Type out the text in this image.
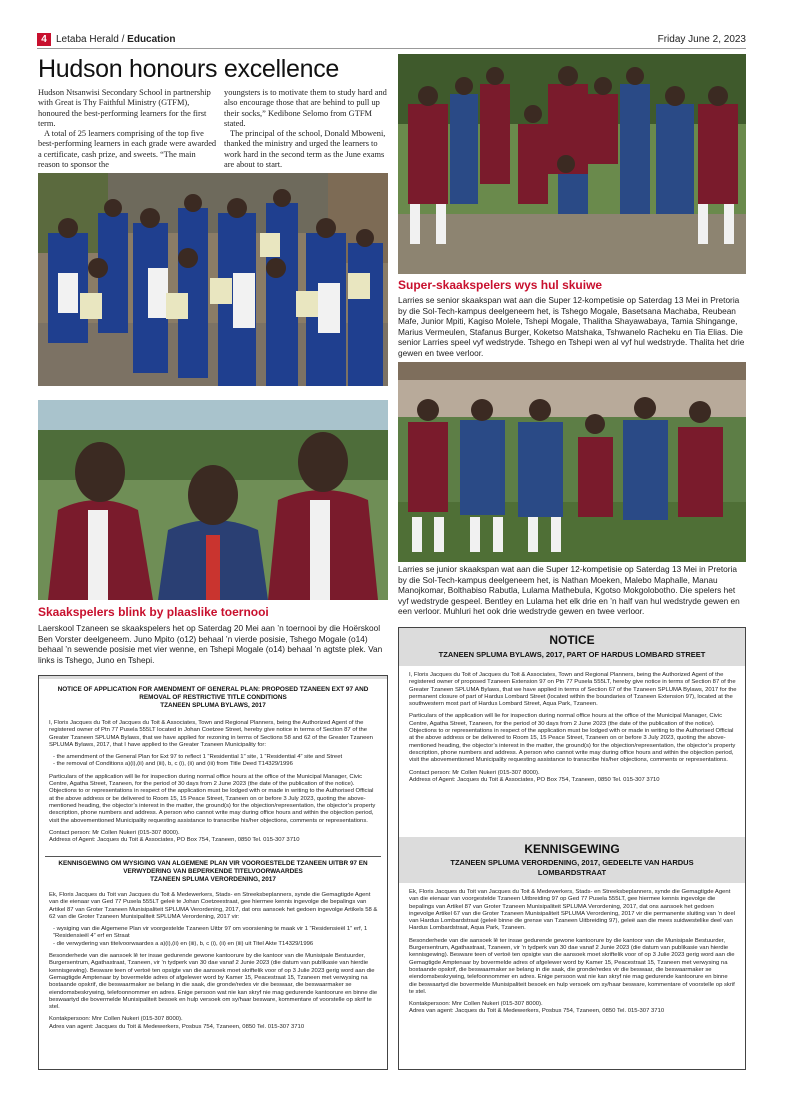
4 Letaba Herald / Education	Friday June 2, 2023
Hudson honours excellence

Hudson Ntsanwisi Secondary School in partnership with Great is Thy Faithful Ministry (GTFM), honoured the best-performing learners for the first term.

A total of 25 learners comprising of the top five best-performing learners in each grade were awarded a certificate, cash prize, and sweets. “The main reason to sponsor the

youngsters is to motivate them to study hard and also encourage those that are behind to pull up their socks,” Kedibone Selomo from GTFM stated.

The principal of the school, Donald Mboweni, thanked the ministry and urged the learners to work hard in the second term as the June exams are about to start.

Super-skaakspelers wys hul skuiwe
Larries se senior skaakspan wat aan die Super 12-kompetisie op Saterdag 13 Mei in Pretoria by die Sol-Tech-kampus deelgeneem het, is Tshego Mogale, Basetsana Machaba, Reubean Mafe, Junior Mpiti, Kagiso Molele, Tshepi Mogale, Thalitha Shayawabaya, Tamia Shingange, Marius Vermeulen, Stafanus Burger, Koketso Matshaka, Tshwanelo Racheku en Tia Elias. Die senior Larries speel vyf wedstryde. Tshego en Tshepi wen al vyf hul wedstryde. Thalita het drie gewen en twee verloor.
Larries se junior skaakspan wat aan die Super 12-kompetisie op Saterdag 13 Mei in Pretoria by die Sol-Tech-kampus deelgeneem het, is Nathan Moeken, Malebo Maphalle, Manau Manojkomar, Bolthabiso Rabutla, Lulama Mathebula, Kgotso Mokgolobotho. Die spelers het vyf wedstryde gespeel. Bentley en Lulama het elk drie en ’n half van hul wedstryde gewen en een verloor. Muhluri het ook drie wedstryde gewen en twee verloor.
Skaakspelers blink by plaaslike toernooi
Laerskool Tzaneen se skaakspelers het op Saterdag 20 Mei aan ’n toernooi by die Hoërskool Ben Vorster deelgeneem. Juno Mpito (o12) behaal ’n vierde posisie, Tshego Mogale (o14) behaal ’n sewende posisie met vier wenne, en Tshepi Mogale (o14) behaal ’n agtste plek. Van links is Tshego, Juno en Tshepi.
NOTICE OF APPLICATION FOR AMENDMENT OF GENERAL PLAN: PROPOSED TZANEEN EXT 97 AND REMOVAL OF RESTRICTIVE TITLE CONDITIONS
TZANEEN SPLUMA BYLAWS, 2017

I, Floris Jacques du Toit of Jacques du Toit & Associates, Town and Regional Planners, being the Authorized Agent of the registered owner of Ptn 77 Pusela 555LT located in Johan Coetzee Street, hereby give notice in terms of Section 87 of the Greater Tzaneen SPLUMA Bylaws, that we have applied for rezoning in terms of Sections 58 and 62 of the Greater Tzaneen SPLUMA Bylaws, 2017, that I have applied to the Greater Tzaneen Municipality for:

- the amendment of the General Plan for Ext 97 to reflect 1 “Residential 1” site, 1 “Residential 4” site and Street

- the removal of Conditions a)(i),(ii) and (iii), b, c (i), (ii) and (iii) from Title Deed T14329/1996

Particulars of the application will lie for inspection during normal office hours at the office of the Municipal Manager, Civic Centre, Agatha Street, Tzaneen, for the period of 30 days from 2 June 2023 (the date of the publication of the notice). Objections to or representations in respect of the application must be lodged with or made in writing to the Authorised Official at the above address or be delivered to Room 15, 15 Peace Street, Tzaneen on or before 3 July 2023, quoting the above-mentioned heading, the objector’s interest in the matter, the ground(s) for the objection/representation, the objector’s property description, phone numbers and address. A person who cannot write may during office hours and within the objection period, visit the abovementioned Municipality requesting assistance to transcribe his/her objections, comments or representations.

Contact person: Mr Collen Nukeri (015-307 8000).
Address of Agent: Jacques du Toit & Associates, PO Box 754, Tzaneen, 0850 Tel. 015-307 3710
KENNISGEWING OM WYSIGING VAN ALGEMENE PLAN VIR VOORGESTELDE TZANEEN UITBR 97 EN VERWYDERING VAN BEPERKENDE TITELVOORWAARDES
TZANEEN SPLUMA VERORDENING, 2017

Ek, Floris Jacques du Toit van Jacques du Toit & Medewerkers, Stads- en Streeksbeplanners, synde die Gemagtigde Agent van die eienaar van Ged 77 Pusela 555LT geleë te Johan Coetzeestraat, gee hiermee kennis ingevolge die bepalings van Artikel 87 van Groter Tzaneen Munisipaliteit SPLUMA Verordening, 2017, dat ons aansoek het gedoen ingevolge Artikels 58 & 62 van die Groter Tzaneen Munisipaliteit SPLUMA Verordening, 2017 vir:

- wysiging van die Algemene Plan vir voorgestelde Tzaneen Uitbr 97 om voorsiening te maak vir 1 “Residensieël 1” erf, 1 “Residensieël 4” erf en Straat

- die verwydering van titelvoorwaardes a a)(i),(ii) en (iii), b, c (i), (ii) en (iii) uit Titel Akte T14329/1996

Besonderhede van die aansoek lê ter insae gedurende gewone kantoorure by die kantoor van die Munisipale Bestuurder, Burgersentrum, Agathastraat, Tzaneen, vir ’n tydperk van 30 dae vanaf 2 Junie 2023 (die datum van publikasie van hierdie kennisgewing). Besware teen of vertoë ten opsigte van die aansoek moet skriftelik voor of op 3 Julie 2023 gerig word aan die Gemagtigde Amptenaar by bovermelde adres of afgelewer word by Kamer 15, Peacestraat 15, Tzaneen met verwysing na bostaande opskrif, die beswaarmaker se belang in die saak, die gronde/redes vir die beswaar, die beswaarmaker se eiendomsbeskrywing, telefoonnommer en adres. Enige persoon wat nie kan skryf nie mag gedurende kantoorure en binne die beswaartyd die bovermelde Munisipaliteit besoek en hulp versoek om sy/haar besware, kommentare of voorstelle op skrif te stel.

Kontakpersoon: Mnr Collen Nukeri (015-307 8000).
Adres van agent: Jacques du Toit & Medewerkers, Posbus 754, Tzaneen, 0850 Tel. 015-307 3710
NOTICE
TZANEEN SPLUMA BYLAWS, 2017, PART OF HARDUS LOMBARD STREET

I, Floris Jacques du Toit of Jacques du Toit & Associates, Town and Regional Planners, being the Authorized Agent of the registered owner of proposed Tzaneen Extension 97 on Ptn 77 Pusela 555LT, hereby give notice in terms of Section 87 of the Greater Tzaneen SPLUMA Bylaws, that we have applied in terms of Section 67 of the Tzaneen SPLUMA Bylaws, 2017 for the permanent closure of part of Hardus Lombard Street (located within the boundaries of Tzaneen Extension 97), located at the southwestern most part of Hardus Lombard Street, Aqua Park, Tzaneen.

Particulars of the application will lie for inspection during normal office hours at the office of the Municipal Manager, Civic Centre, Agatha Street, Tzaneen, for the period of 30 days from 2 June 2023 (the date of the publication of the notice). Objections to or representations in respect of the application must be lodged with or made in writing to the Authorised Official at the above address or be delivered to Room 15, 15 Peace Street, Tzaneen on or before 3 July 2023, quoting the above-mentioned heading, the objector’s interest in the matter, the ground(s) for the objection/representation, the objector’s property description, phone numbers and address. A person who cannot write may during office hours and within the objection period, visit the abovementioned Municipality requesting assistance to transcribe his/her objections, comments or representations.

Contact person: Mr Collen Nukeri (015-307 8000).
Address of Agent: Jacques du Toit & Associates, PO Box 754, Tzaneen, 0850 Tel. 015-307 3710
KENNISGEWING
TZANEEN SPLUMA VERORDENING, 2017, GEDEELTE VAN HARDUS LOMBARDSTRAAT

Ek, Floris Jacques du Toit van Jacques du Toit & Medewerkers, Stads- en Streeksbeplanners, synde die Gemagtigde Agent van die eienaar van voorgestelde Tzaneen Uitbreiding 97 op Ged 77 Pusela 555LT, gee hiermee kennis ingevolge die bepalings van Artikel 87 van Groter Tzaneen Munisipaliteit SPLUMA Verordening, 2017, dat ons aansoek het gedoen ingevolge Artikel 67 van die Groter Tzaneen Munisipaliteit SPLUMA Verordening, 2017 vir die permanente sluiting van ’n deel van Hardus Lombardstraat (geleë binne die grense van Tzaneen Uitbreiding 97), geleë aan die mees suidwestelike deel van Hardus Lombardstraat, Aqua Park, Tzaneen.

Besonderhede van die aansoek lê ter insae gedurende gewone kantoorure by die kantoor van die Munisipale Bestuurder, Burgersentrum, Agathastraat, Tzaneen, vir ’n tydperk van 30 dae vanaf 2 Junie 2023 (die datum van publikasie van hierdie kennisgewing). Besware teen of vertoë ten opsigte van die aansoek moet skriftelik voor of op 3 Julie 2023 gerig word aan die Gemagtigde Amptenaar by bovermelde adres of afgelewer word by Kamer 15, Peacestraat 15, Tzaneen met verwysing na bostaande opskrif, die beswaarmaker se belang in die saak, die gronde/redes vir die beswaar, die beswaarmaker se eiendomsbeskrywing, telefoonnommer en adres. Enige persoon wat nie kan skryf nie mag gedurende kantoorure en binne die beswaartyd die bovermelde Munisipaliteit besoek en hulp versoek om sy/haar besware, kommentare of voorstelle op skrif te stel.

Kontakpersoon: Mnr Collen Nukeri (015-307 8000).
Adres van agent: Jacques du Toit & Medewerkers, Posbus 754, Tzaneen, 0850 Tel. 015-307 3710
